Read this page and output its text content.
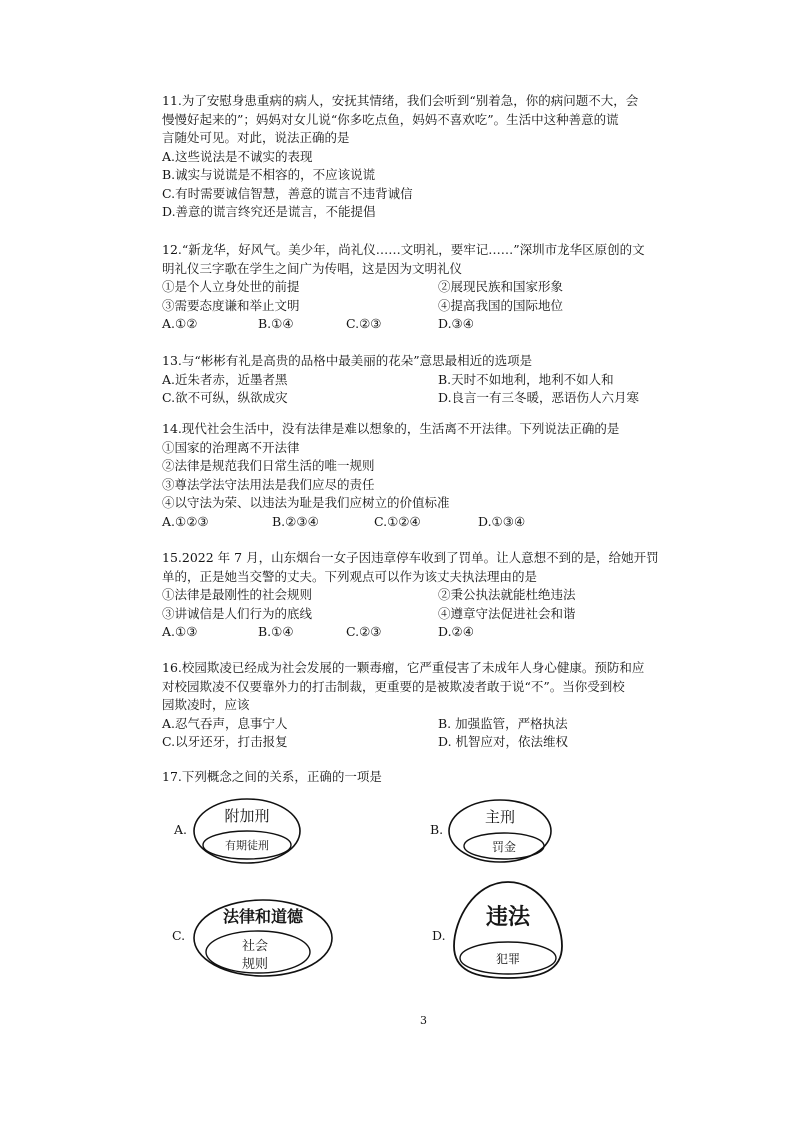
11.为了安慰身患重病的病人，安抚其情绪，我们会听到“别着急，你的病问题不大，会
慢慢好起来的”；妈妈对女儿说“你多吃点鱼，妈妈不喜欢吃”。生活中这种善意的谎
言随处可见。对此，说法正确的是
A.这些说法是不诚实的表现
B.诚实与说谎是不相容的，不应该说谎
C.有时需要诚信智慧，善意的谎言不违背诚信
D.善意的谎言终究还是谎言，不能提倡
12.“新龙华，好风气。美少年，尚礼仪……文明礼，要牢记……”深圳市龙华区原创的文
明礼仪三字歌在学生之间广为传唱，这是因为文明礼仪
①是个人立身处世的前提	②展现民族和国家形象
③需要态度谦和举止文明	④提高我国的国际地位
A.①②	B.①④	C.②③	D.③④
13.与“彬彬有礼是高贵的品格中最美丽的花朵”意思最相近的选项是
A.近朱者赤，近墨者黑	B.天时不如地利，地利不如人和
C.欲不可纵，纵欲成灾	D.良言一有三冬暖，恶语伤人六月寒
14.现代社会生活中，没有法律是难以想象的，生活离不开法律。下列说法正确的是
①国家的治理离不开法律
②法律是规范我们日常生活的唯一规则
③尊法学法守法用法是我们应尽的责任
④以守法为荣、以违法为耻是我们应树立的价值标准
A.①②③	B.②③④	C.①②④	D.①③④
15.2022 年 7 月，山东烟台一女子因违章停车收到了罚单。让人意想不到的是，给她开罚
单的，正是她当交警的丈夫。下列观点可以作为该丈夫执法理由的是
①法律是最刚性的社会规则	②秉公执法就能杜绝违法
③讲诚信是人们行为的底线	④遵章守法促进社会和谐
A.①③	B.①④	C.②③	D.②④
16.校园欺凌已经成为社会发展的一颗毒瘤，它严重侵害了未成年人身心健康。预防和应
对校园欺凌不仅要靠外力的打击制裁，更重要的是被欺凌者敢于说“不”。当你受到校
园欺凌时，应该
A.忍气吞声，息事宁人	B. 加强监管，严格执法
C.以牙还牙，打击报复	D. 机智应对，依法维权
17.下列概念之间的关系，正确的一项是
A.
附加刑
有期徒刑
B.
主刑
罚金
C.
法律和道德
社会
规则
D.
违法
犯罪
3
